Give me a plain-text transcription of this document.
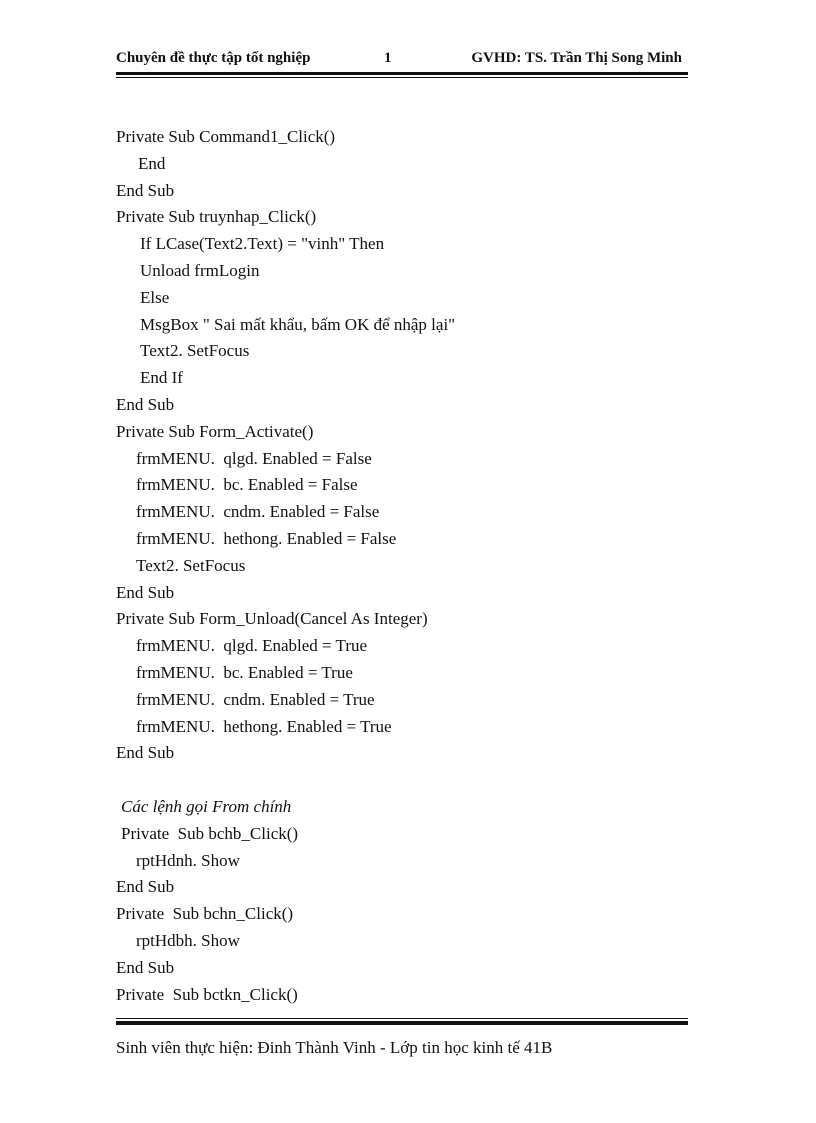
Chuyên đề thực tập tốt nghiệp	1	GVHD: TS. Trần Thị Song Minh
Private Sub Command1_Click()
End
End Sub
Private Sub truynhap_Click()
If LCase(Text2.Text) = "vinh" Then
Unload frmLogin
Else
MsgBox " Sai mất khẩu, bấm OK để nhập lại"
Text2. SetFocus
End If
End Sub
Private Sub Form_Activate()
frmMENU.  qlgd. Enabled = False
frmMENU.  bc. Enabled = False
frmMENU.  cndm. Enabled = False
frmMENU.  hethong. Enabled = False
Text2. SetFocus
End Sub
Private Sub Form_Unload(Cancel As Integer)
frmMENU.  qlgd. Enabled = True
frmMENU.  bc. Enabled = True
frmMENU.  cndm. Enabled = True
frmMENU.  hethong. Enabled = True
End Sub
Các lệnh gọi From chính
Private  Sub bchb_Click()
rptHdnh. Show
End Sub
Private  Sub bchn_Click()
rptHdbh. Show
End Sub
Private  Sub bctkn_Click()
Sinh viên thực hiện: Đinh Thành Vinh - Lớp tin học kinh tế 41B
